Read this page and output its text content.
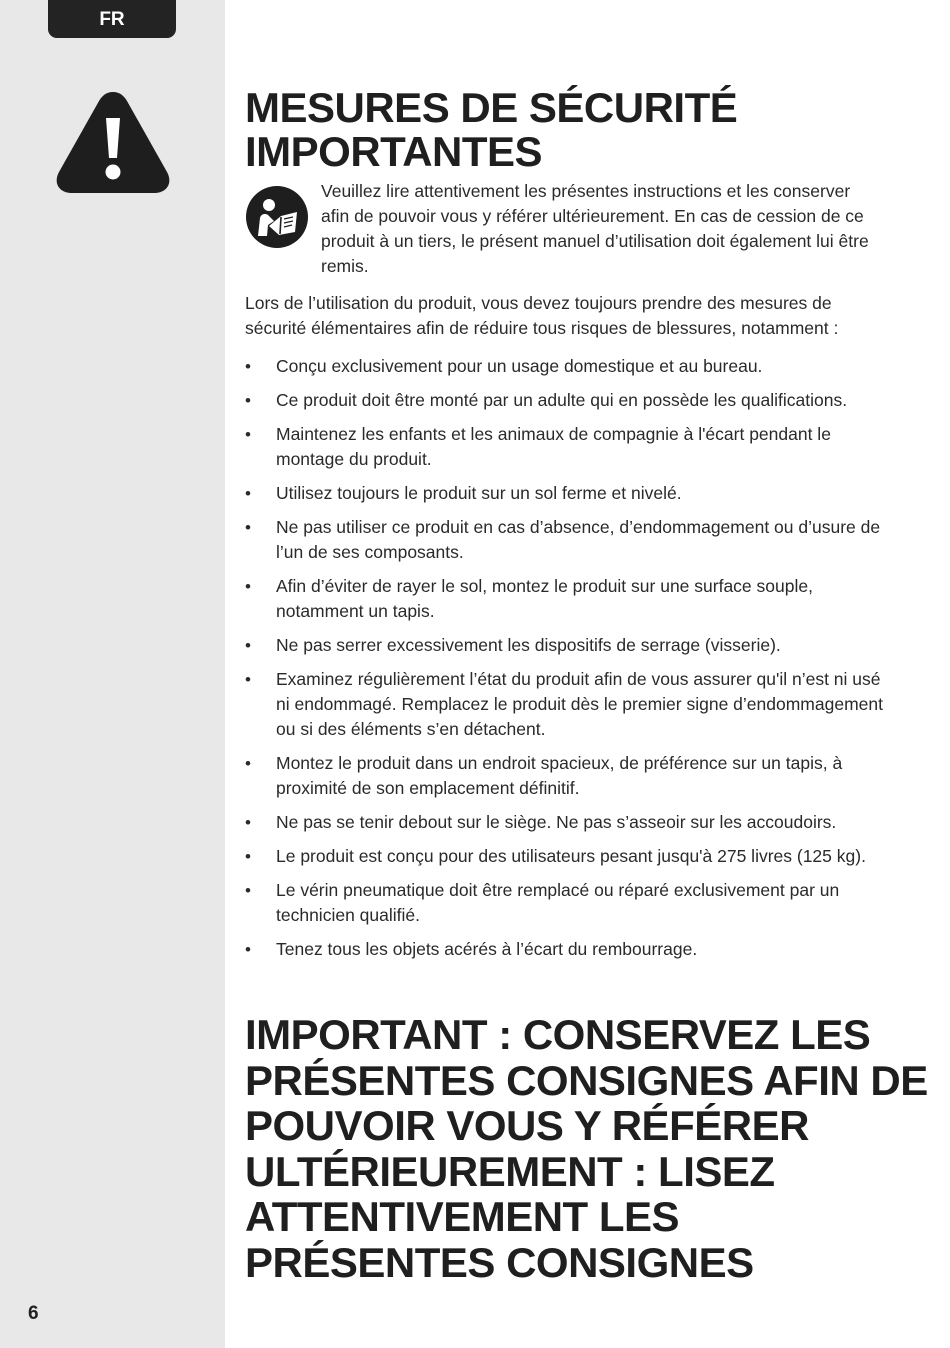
FR
6
MESURES DE SÉCURITÉ IMPORTANTES

Veuillez lire attentivement les présentes instructions et les conserver afin de pouvoir vous y référer ultérieurement. En cas de cession de ce produit à un tiers, le présent manuel d’utilisation doit également lui être remis.

Lors de l’utilisation du produit, vous devez toujours prendre des mesures de sécurité élémentaires afin de réduire tous risques de blessures, notamment :

• Conçu exclusivement pour un usage domestique et au bureau.
• Ce produit doit être monté par un adulte qui en possède les qualifications.
• Maintenez les enfants et les animaux de compagnie à l'écart pendant le montage du produit.
• Utilisez toujours le produit sur un sol ferme et nivelé.
• Ne pas utiliser ce produit en cas d’absence, d’endommagement ou d’usure de l’un de ses composants.
• Afin d’éviter de rayer le sol, montez le produit sur une surface souple, notamment un tapis.
• Ne pas serrer excessivement les dispositifs de serrage (visserie).
• Examinez régulièrement l’état du produit afin de vous assurer qu'il n’est ni usé ni endommagé. Remplacez le produit dès le premier signe d’endommagement ou si des éléments s’en détachent.
• Montez le produit dans un endroit spacieux, de préférence sur un tapis, à proximité de son emplacement définitif.
• Ne pas se tenir debout sur le siège. Ne pas s’asseoir sur les accoudoirs.
• Le produit est conçu pour des utilisateurs pesant jusqu'à 275 livres (125 kg).
• Le vérin pneumatique doit être remplacé ou réparé exclusivement par un technicien qualifié.
• Tenez tous les objets acérés à l’écart du rembourrage.
IMPORTANT : CONSERVEZ LES PRÉSENTES CONSIGNES AFIN DE POUVOIR VOUS Y RÉFÉRER ULTÉRIEUREMENT : LISEZ ATTENTIVEMENT LES PRÉSENTES CONSIGNES
